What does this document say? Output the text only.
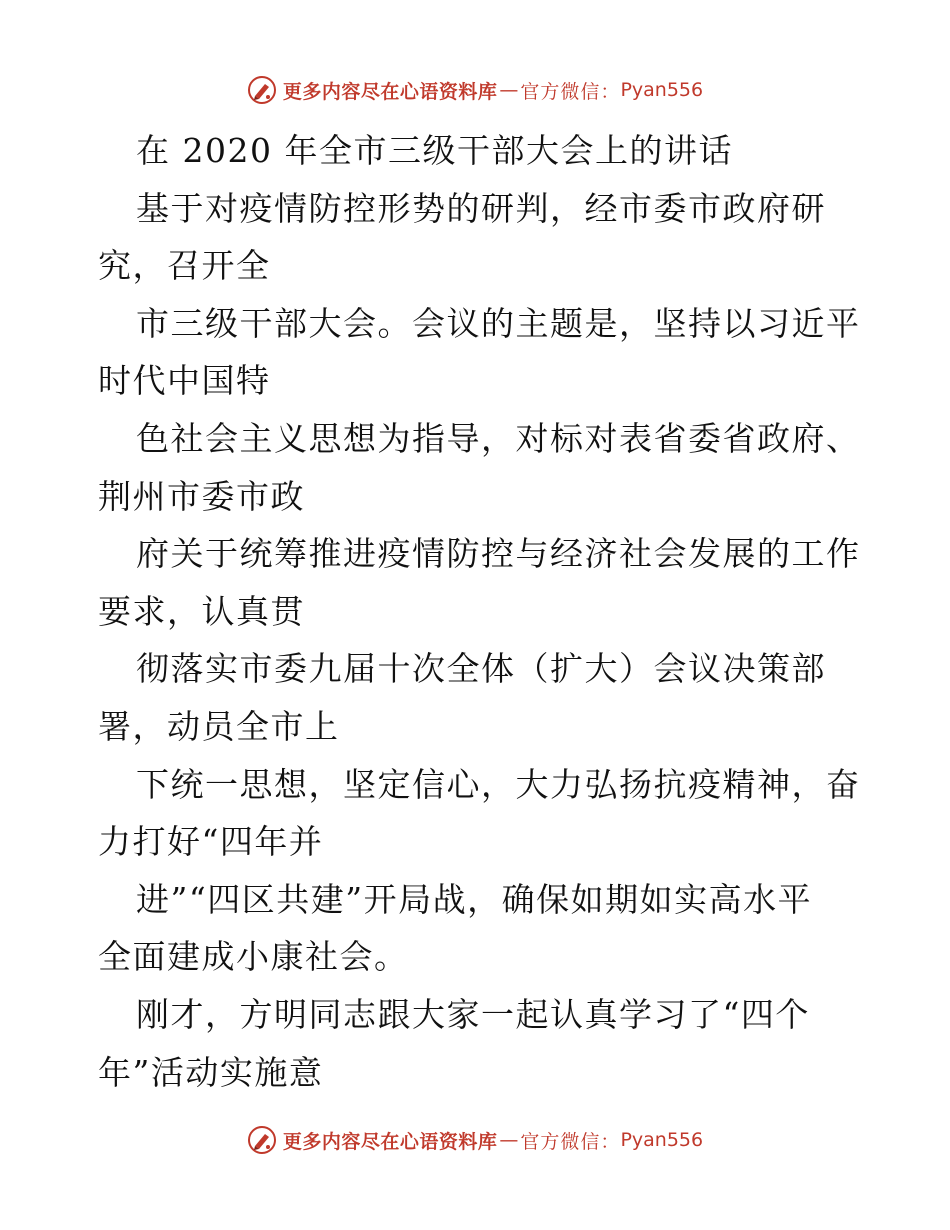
更多内容尽在心语资料库 — 官方微信： Pyan556
在 2020 年全市三级干部大会上的讲话
基于对疫情防控形势的研判，经市委市政府研
究，召开全
市三级干部大会。会议的主题是，坚持以习近平
时代中国特
色社会主义思想为指导，对标对表省委省政府、
荆州市委市政
府关于统筹推进疫情防控与经济社会发展的工作
要求，认真贯
彻落实市委九届十次全体（扩大）会议决策部
署，动员全市上
下统一思想，坚定信心，大力弘扬抗疫精神，奋
力打好“四年并
进”“四区共建”开局战，确保如期如实高水平
全面建成小康社会。
刚才，方明同志跟大家一起认真学习了“四个
年”活动实施意
更多内容尽在心语资料库 — 官方微信： Pyan556
